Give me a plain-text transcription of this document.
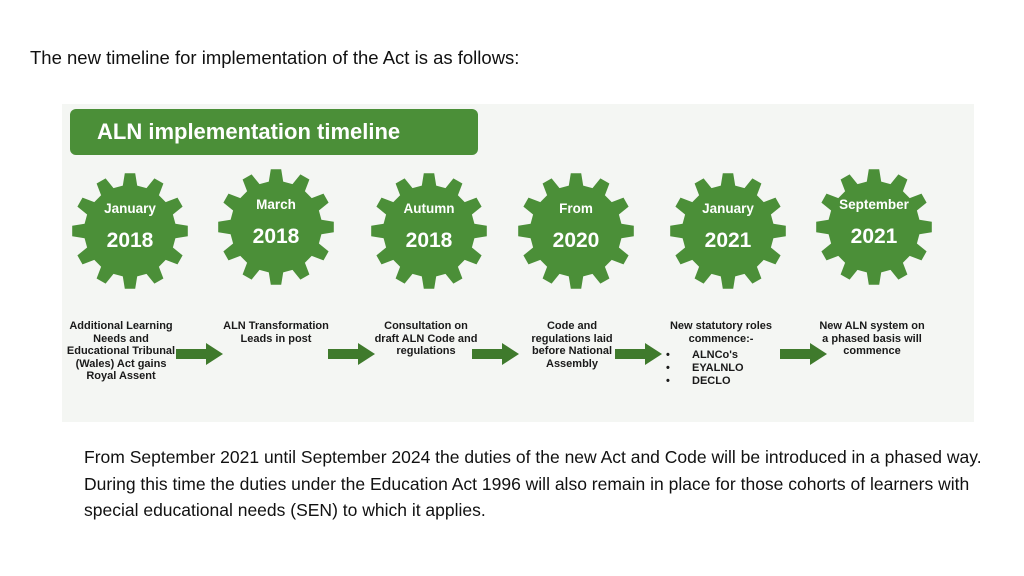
The new timeline for implementation of the Act is as follows:
ALN implementation timeline
January
2018
March
2018
Autumn
2018
From
2020
January
2021
September
2021
Additional Learning Needs and Educational Tribunal (Wales) Act gains Royal Assent
ALN Transformation Leads in post
Consultation on draft ALN Code and regulations
Code and regulations laid before National Assembly
New statutory roles commence:-
• ALNCo's
• EYALNLO
• DECLO
New ALN system on a phased basis will commence
From September 2021 until September 2024 the duties of the new Act and Code will be introduced in a phased way. During this time the duties under the Education Act 1996 will also remain in place for those cohorts of learners with special educational needs (SEN) to which it applies.
